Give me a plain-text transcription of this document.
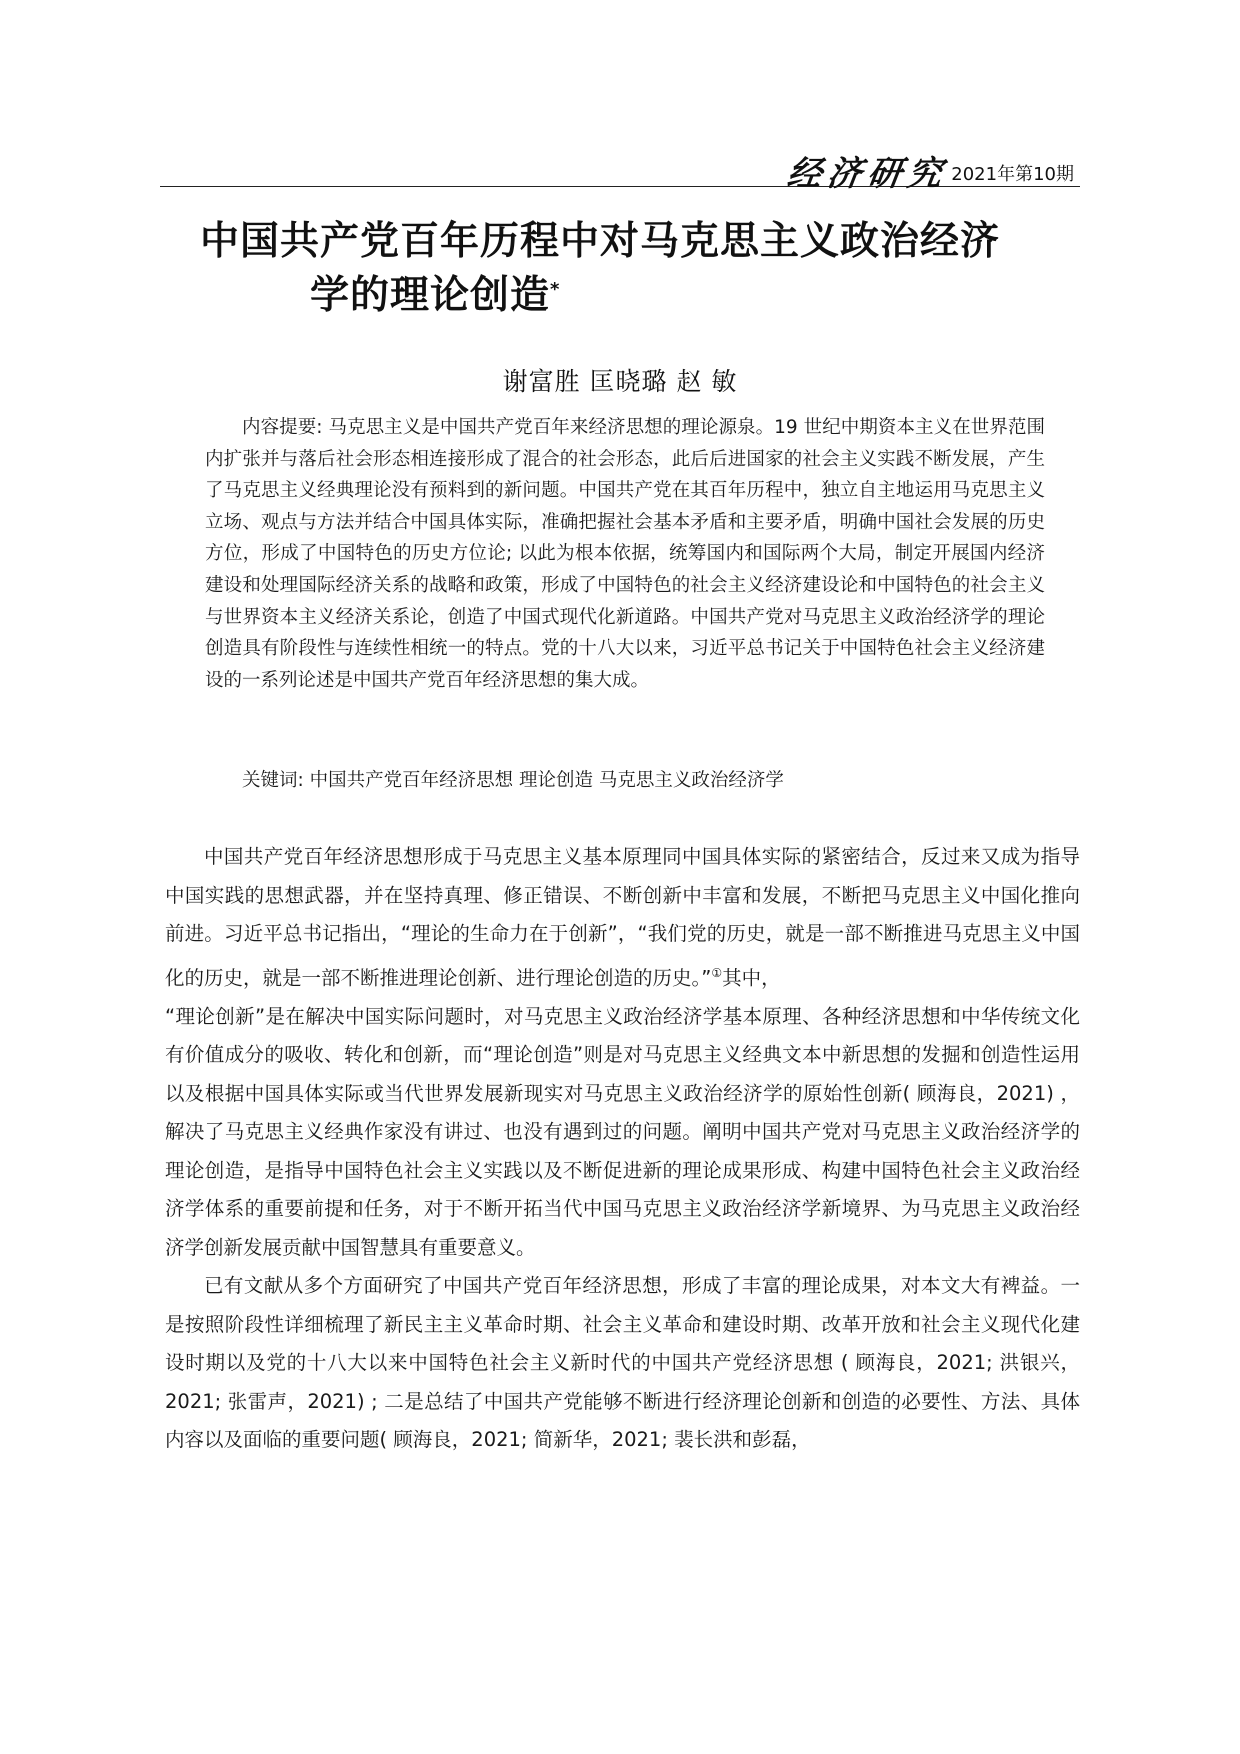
经济研究 2021年第10期
中国共产党百年历程中对马克思主义政治经济
学的理论创造*
谢富胜 匡晓璐 赵 敏

内容提要: 马克思主义是中国共产党百年来经济思想的理论源泉。19 世纪中期资本主义在世界范围内扩张并与落后社会形态相连接形成了混合的社会形态，此后后进国家的社会主义实践不断发展，产生了马克思主义经典理论没有预料到的新问题。中国共产党在其百年历程中，独立自主地运用马克思主义立场、观点与方法并结合中国具体实际，准确把握社会基本矛盾和主要矛盾，明确中国社会发展的历史方位，形成了中国特色的历史方位论; 以此为根本依据，统筹国内和国际两个大局，制定开展国内经济建设和处理国际经济关系的战略和政策，形成了中国特色的社会主义经济建设论和中国特色的社会主义与世界资本主义经济关系论，创造了中国式现代化新道路。中国共产党对马克思主义政治经济学的理论创造具有阶段性与连续性相统一的特点。党的十八大以来，习近平总书记关于中国特色社会主义经济建设的一系列论述是中国共产党百年经济思想的集大成。

关键词: 中国共产党百年经济思想 理论创造 马克思主义政治经济学

中国共产党百年经济思想形成于马克思主义基本原理同中国具体实际的紧密结合，反过来又成为指导中国实践的思想武器，并在坚持真理、修正错误、不断创新中丰富和发展，不断把马克思主义中国化推向前进。习近平总书记指出，“理论的生命力在于创新”，“我们党的历史，就是一部不断推进马克思主义中国化的历史，就是一部不断推进理论创新、进行理论创造的历史。”①其中，

“理论创新”是在解决中国实际问题时，对马克思主义政治经济学基本原理、各种经济思想和中华传统文化有价值成分的吸收、转化和创新，而“理论创造”则是对马克思主义经典文本中新思想的发掘和创造性运用以及根据中国具体实际或当代世界发展新现实对马克思主义政治经济学的原始性创新( 顾海良，2021) ，解决了马克思主义经典作家没有讲过、也没有遇到过的问题。阐明中国共产党对马克思主义政治经济学的理论创造，是指导中国特色社会主义实践以及不断促进新的理论成果形成、构建中国特色社会主义政治经济学体系的重要前提和任务，对于不断开拓当代中国马克思主义政治经济学新境界、为马克思主义政治经济学创新发展贡献中国智慧具有重要意义。

已有文献从多个方面研究了中国共产党百年经济思想，形成了丰富的理论成果，对本文大有裨益。一是按照阶段性详细梳理了新民主主义革命时期、社会主义革命和建设时期、改革开放和社会主义现代化建设时期以及党的十八大以来中国特色社会主义新时代的中国共产党经济思想 ( 顾海良，2021; 洪银兴，2021; 张雷声，2021) ; 二是总结了中国共产党能够不断进行经济理论创新和创造的必要性、方法、具体内容以及面临的重要问题( 顾海良，2021; 简新华，2021; 裴长洪和彭磊，
